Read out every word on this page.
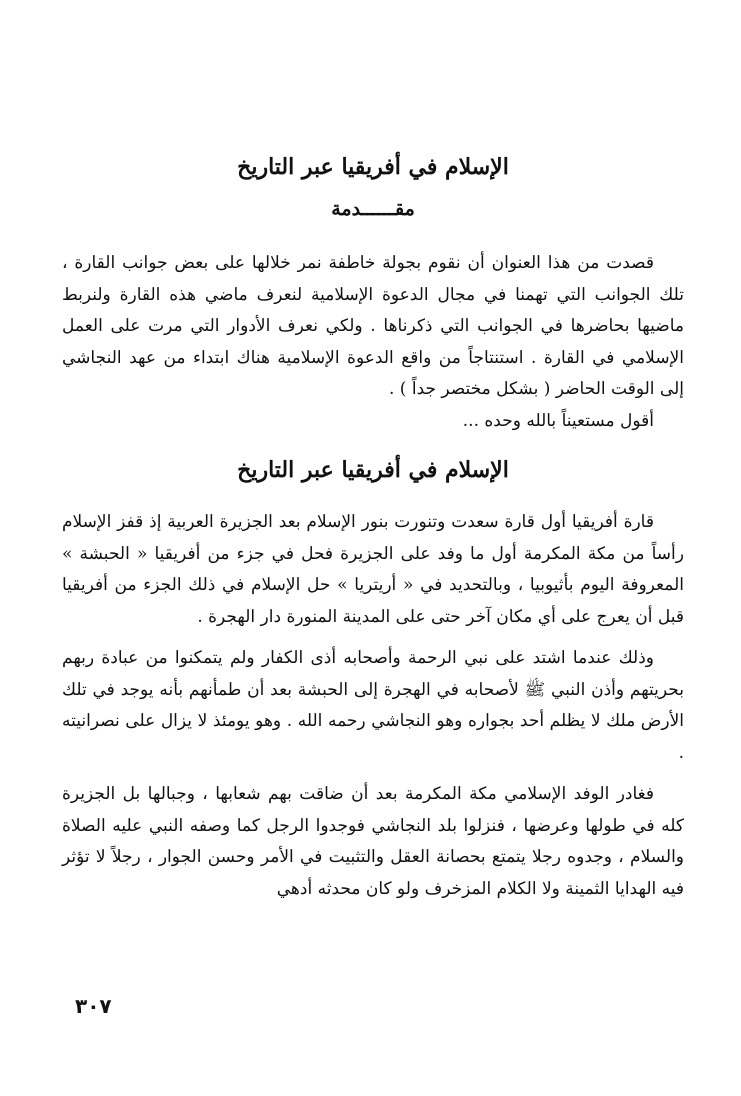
الإسلام في أفريقيا عبر التاريخ
مقــــــدمة

قصدت من هذا العنوان أن نقوم بجولة خاطفة نمر خلالها على بعض جوانب القارة ، تلك الجوانب التي تهمنا في مجال الدعوة الإسلامية لنعرف ماضي هذه القارة ولنربط ماضيها بحاضرها في الجوانب التي ذكرناها . ولكي نعرف الأدوار التي مرت على العمل الإسلامي في القارة . استنتاجاً من واقع الدعوة الإسلامية هناك ابتداء من عهد النجاشي إلى الوقت الحاضر ( بشكل مختصر جداً ) .

أقول مستعيناً بالله وحده ...

الإسلام في أفريقيا عبر التاريخ

قارة أفريقيا أول قارة سعدت وتنورت بنور الإسلام بعد الجزيرة العربية إذ قفز الإسلام رأساً من مكة المكرمة أول ما وفد على الجزيرة فحل في جزء من أفريقيا « الحبشة » المعروفة اليوم بأثيوبيا ، وبالتحديد في « أريتريا » حل الإسلام في ذلك الجزء من أفريقيا قبل أن يعرج على أي مكان آخر حتى على المدينة المنورة دار الهجرة .

وذلك عندما اشتد على نبي الرحمة وأصحابه أذى الكفار ولم يتمكنوا من عبادة ربهم بحريتهم وأذن النبي ﷺ لأصحابه في الهجرة إلى الحبشة بعد أن طمأنهم بأنه يوجد في تلك الأرض ملك لا يظلم أحد بجواره وهو النجاشي رحمه الله . وهو يومئذ لا يزال على نصرانيته .

فغادر الوفد الإسلامي مكة المكرمة بعد أن ضاقت بهم شعابها ، وجبالها بل الجزيرة كله في طولها وعرضها ، فنزلوا بلد النجاشي فوجدوا الرجل كما وصفه النبي عليه الصلاة والسلام ، وجدوه رجلا يتمتع بحصانة العقل والتثبيت في الأمر وحسن الجوار ، رجلاً لا تؤثر فيه الهدايا الثمينة ولا الكلام المزخرف ولو كان محدثه أدهي

٣٠٧
